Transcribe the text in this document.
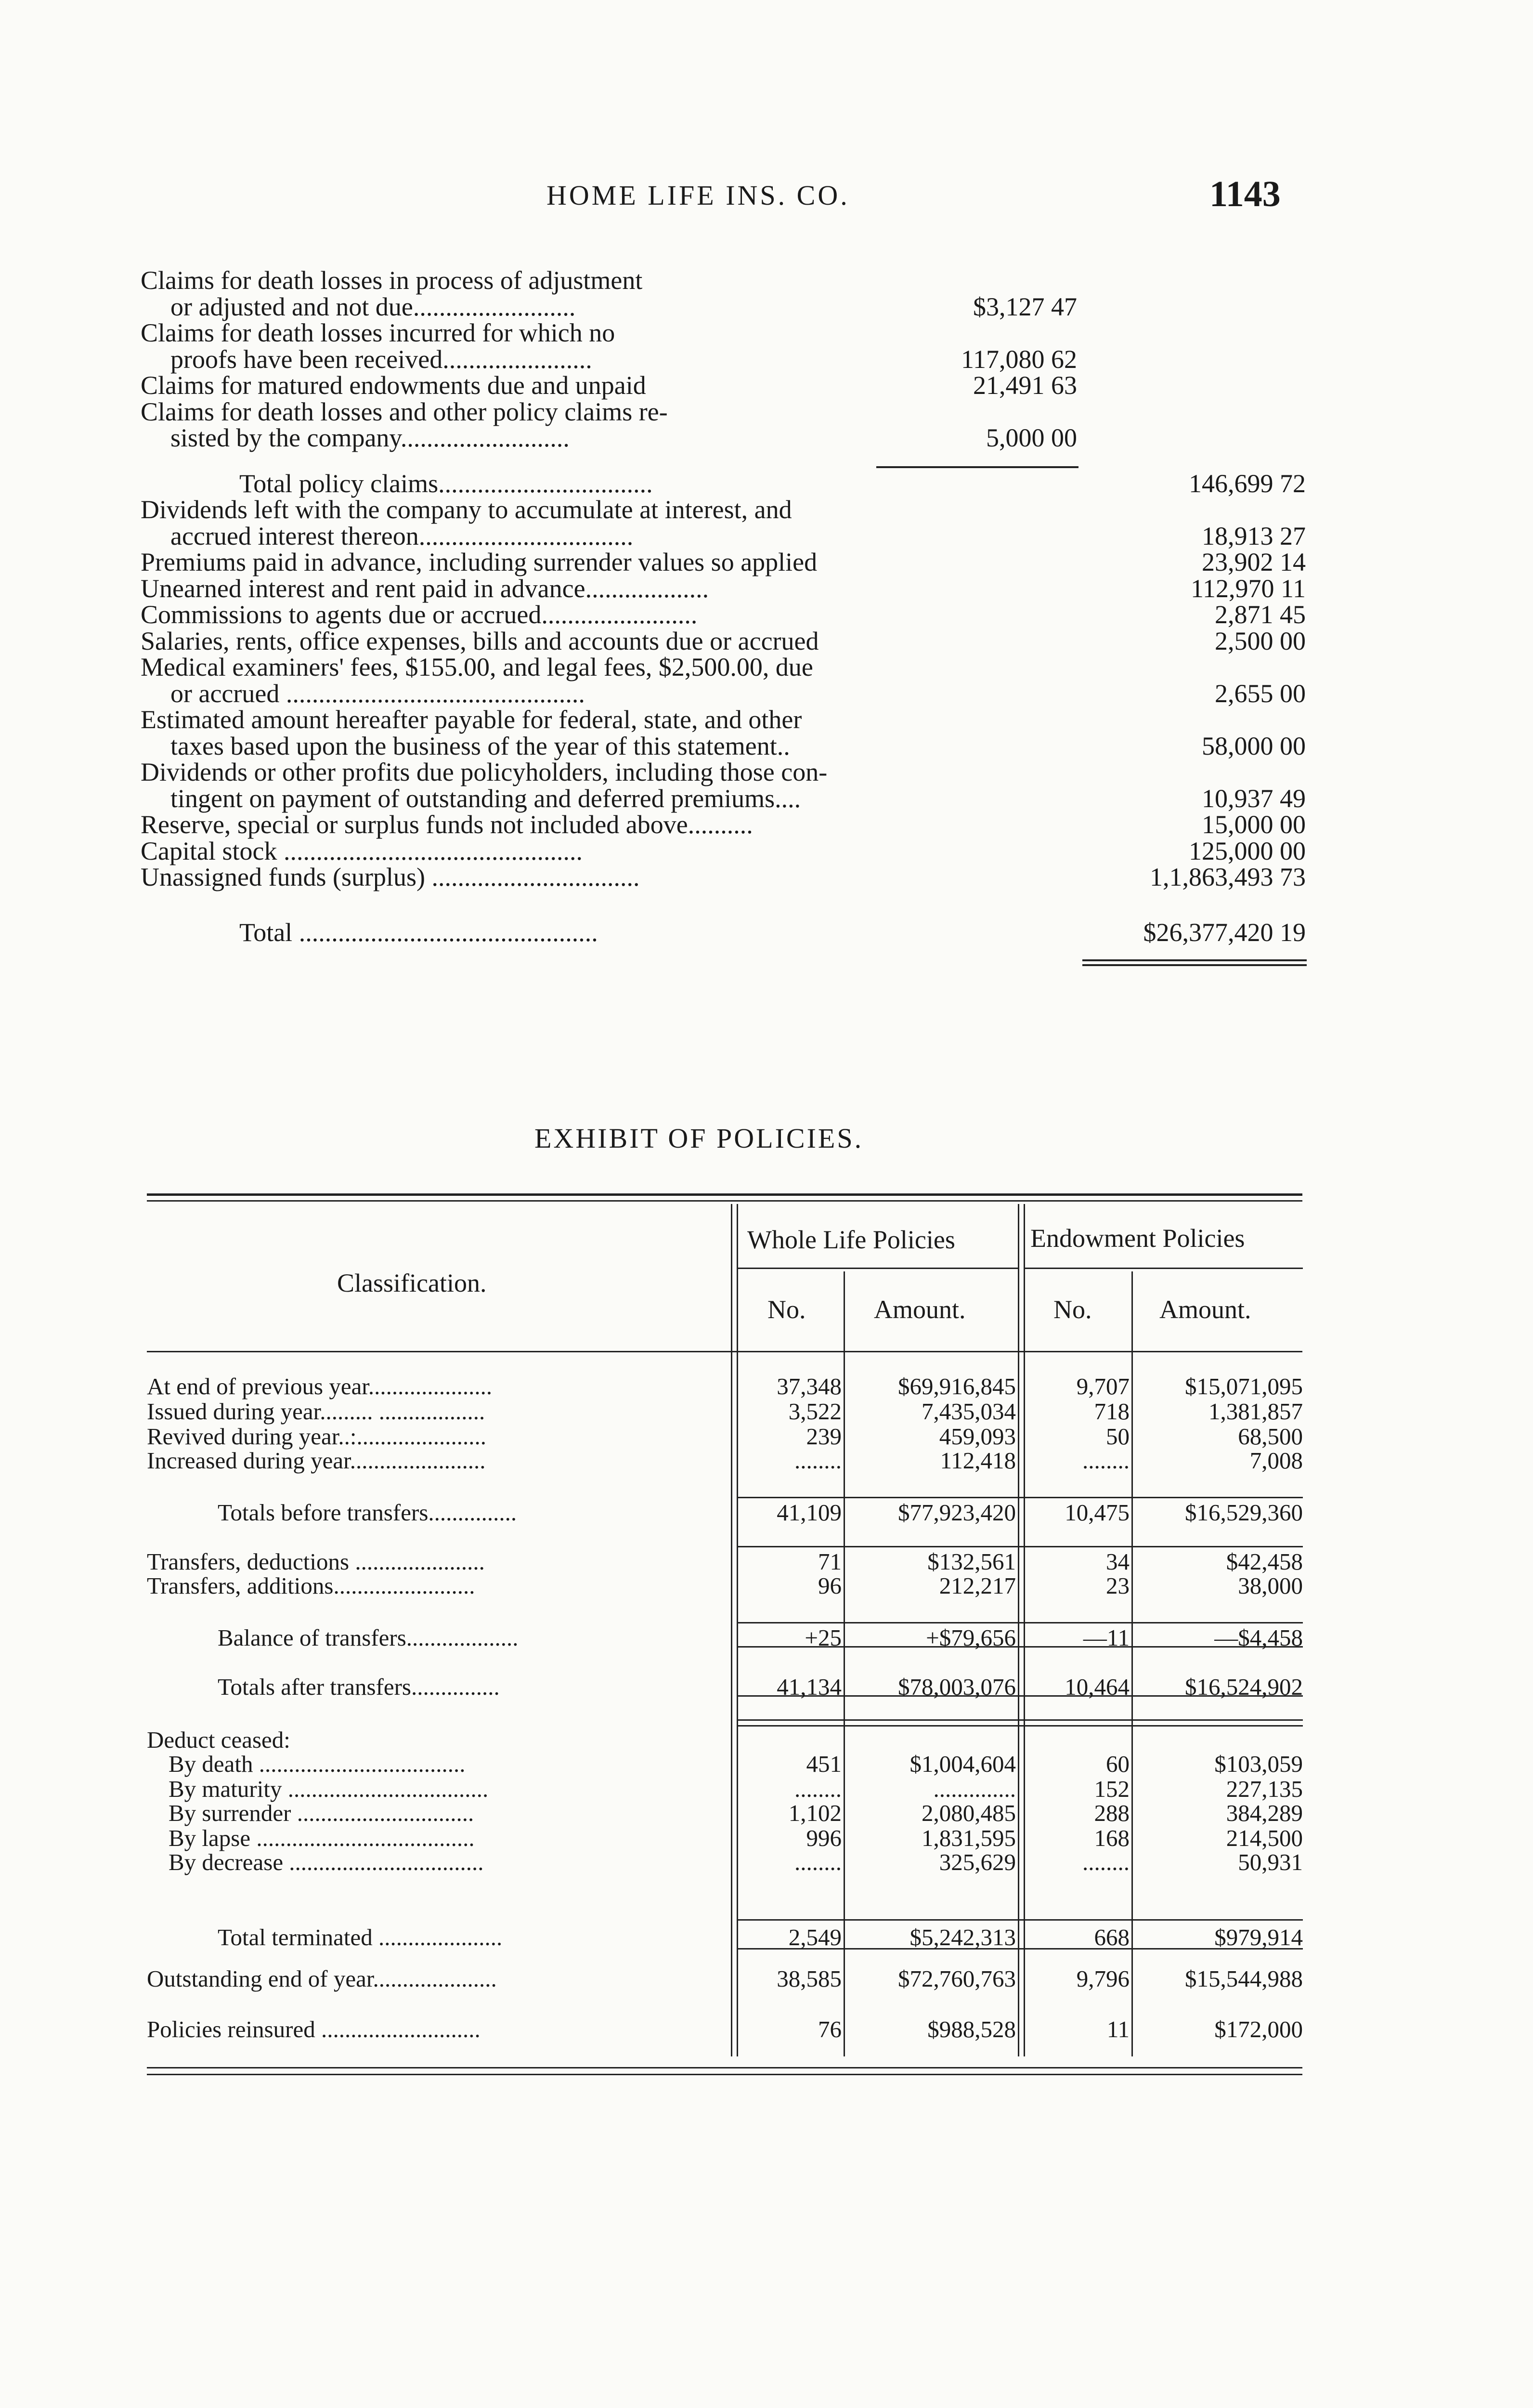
HOME LIFE INS. CO.	1143
Claims for death losses in process of adjustment
or adjusted and not due.........................	$3,127 47
Claims for death losses incurred for which no
proofs have been received.......................	117,080 62
Claims for matured endowments due and unpaid	21,491 63
Claims for death losses and other policy claims re-
sisted by the company..........................	5,000 00
Total policy claims.................................	146,699 72
Dividends left with the company to accumulate at interest, and
accrued interest thereon.................................	18,913 27
Premiums paid in advance, including surrender values so applied	23,902 14
Unearned interest and rent paid in advance...................	112,970 11
Commissions to agents due or accrued........................	2,871 45
Salaries, rents, office expenses, bills and accounts due or accrued	2,500 00
Medical examiners' fees, $155.00, and legal fees, $2,500.00, due
or accrued ..............................................	2,655 00
Estimated amount hereafter payable for federal, state, and other
taxes based upon the business of the year of this statement..	58,000 00
Dividends or other profits due policyholders, including those con-
tingent on payment of outstanding and deferred premiums....	10,937 49
Reserve, special or surplus funds not included above..........	15,000 00
Capital stock ..............................................	125,000 00
Unassigned funds (surplus) ................................	1,1,863,493 73
Total ..............................................	$26,377,420 19
EXHIBIT OF POLICIES.
Classification.
Whole Life Policies	Endowment Policies
No.	Amount.	No.	Amount.
At end of previous year.....................	37,348 $69,916,845	9,707 $15,071,095
Issued during year......... ..................	3,522	7,435,034	718	1,381,857
Revived during year..:......................	239	459,093	50	68,500
Increased during year.......................	........	112,418	........	7,008
Totals before transfers...............	41,109 $77,923,420 10,475 $16,529,360
Transfers, deductions ......................	71	$132,561	34	$42,458
Transfers, additions........................	96	212,217	23	38,000
Balance of transfers...................	+25	+$79,656	—11	—$4,458
Totals after transfers...............	41,134 $78,003,076 10,464 $16,524,902
Deduct ceased:
By death ...................................	451	$1,004,604	60	$103,059
By maturity ..................................	........	..............	152	227,135
By surrender ..............................	1,102	2,080,485	288	384,289
By lapse .....................................	996	1,831,595	168	214,500
By decrease .................................	........	325,629	........	50,931
Total terminated .....................	2,549	$5,242,313	668	$979,914
Outstanding end of year.....................	38,585 $72,760,763	9,796 $15,544,988
Policies reinsured ...........................	76	$988,528	11	$172,000
